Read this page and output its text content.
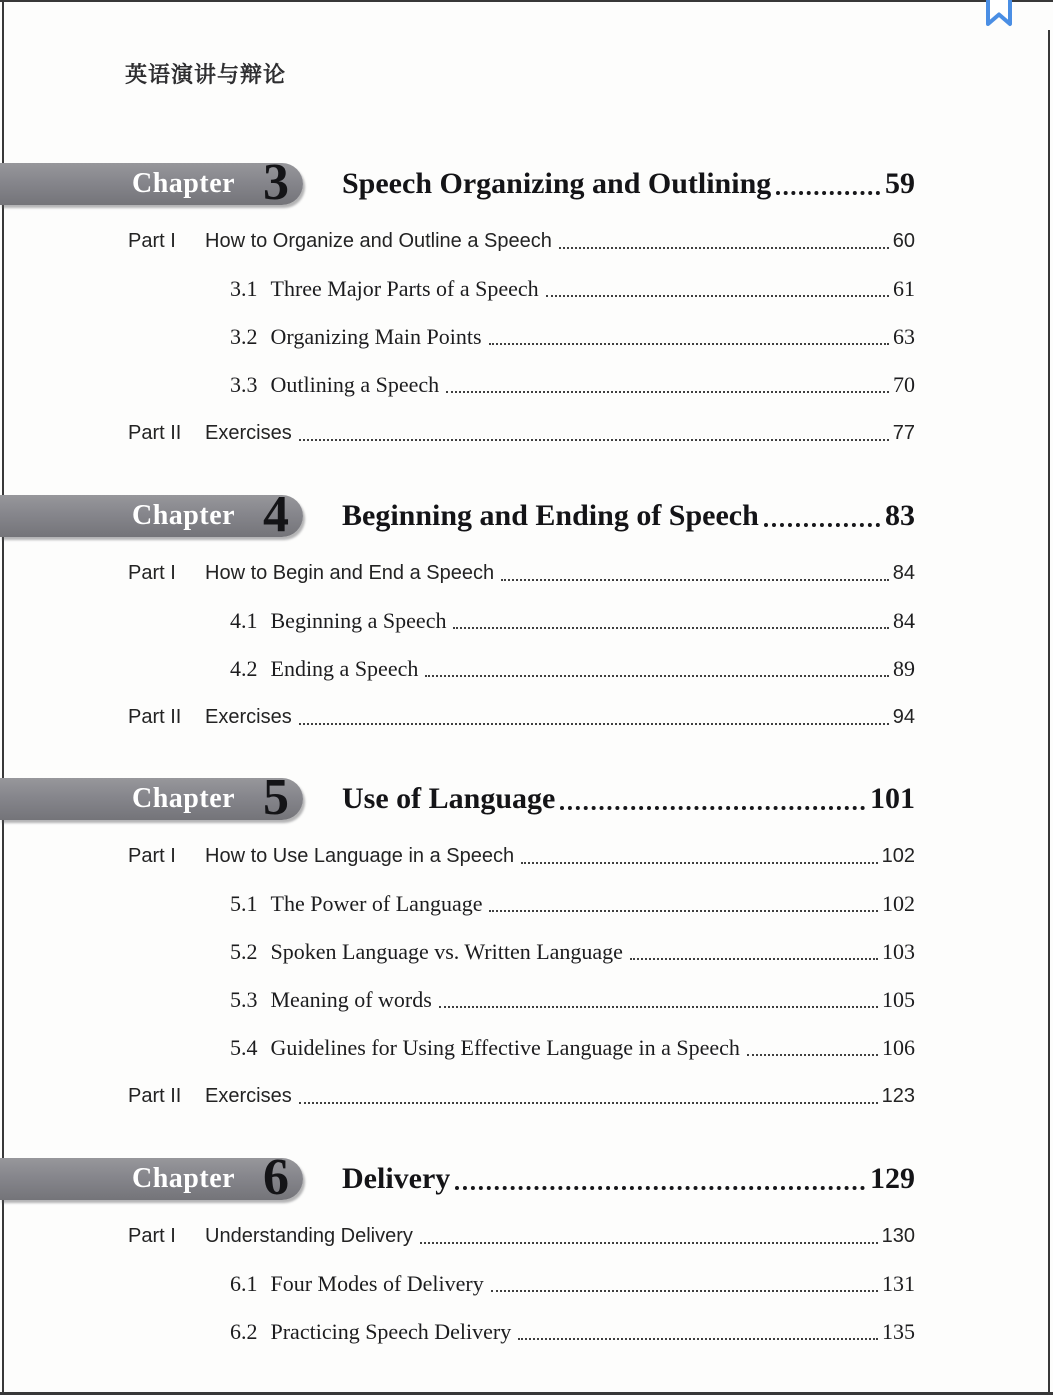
英语演讲与辩论
Chapter 3 Speech Organizing and Outlining	59
Part I	How to Organize and Outline a Speech	60
3.1 Three Major Parts of a Speech	61
3.2 Organizing Main Points	63
3.3 Outlining a Speech	70
Part II	Exercises	77
Chapter 4 Beginning and Ending of Speech	83
Part I	How to Begin and End a Speech	84
4.1 Beginning a Speech	84
4.2 Ending a Speech	89
Part II	Exercises	94
Chapter 5 Use of Language	101
Part I	How to Use Language in a Speech	102
5.1 The Power of Language	102
5.2 Spoken Language vs. Written Language	103
5.3 Meaning of words	105
5.4 Guidelines for Using Effective Language in a Speech	106
Part II	Exercises	123
Chapter 6 Delivery	129
Part I	Understanding Delivery	130
6.1 Four Modes of Delivery	131
6.2 Practicing Speech Delivery	135
